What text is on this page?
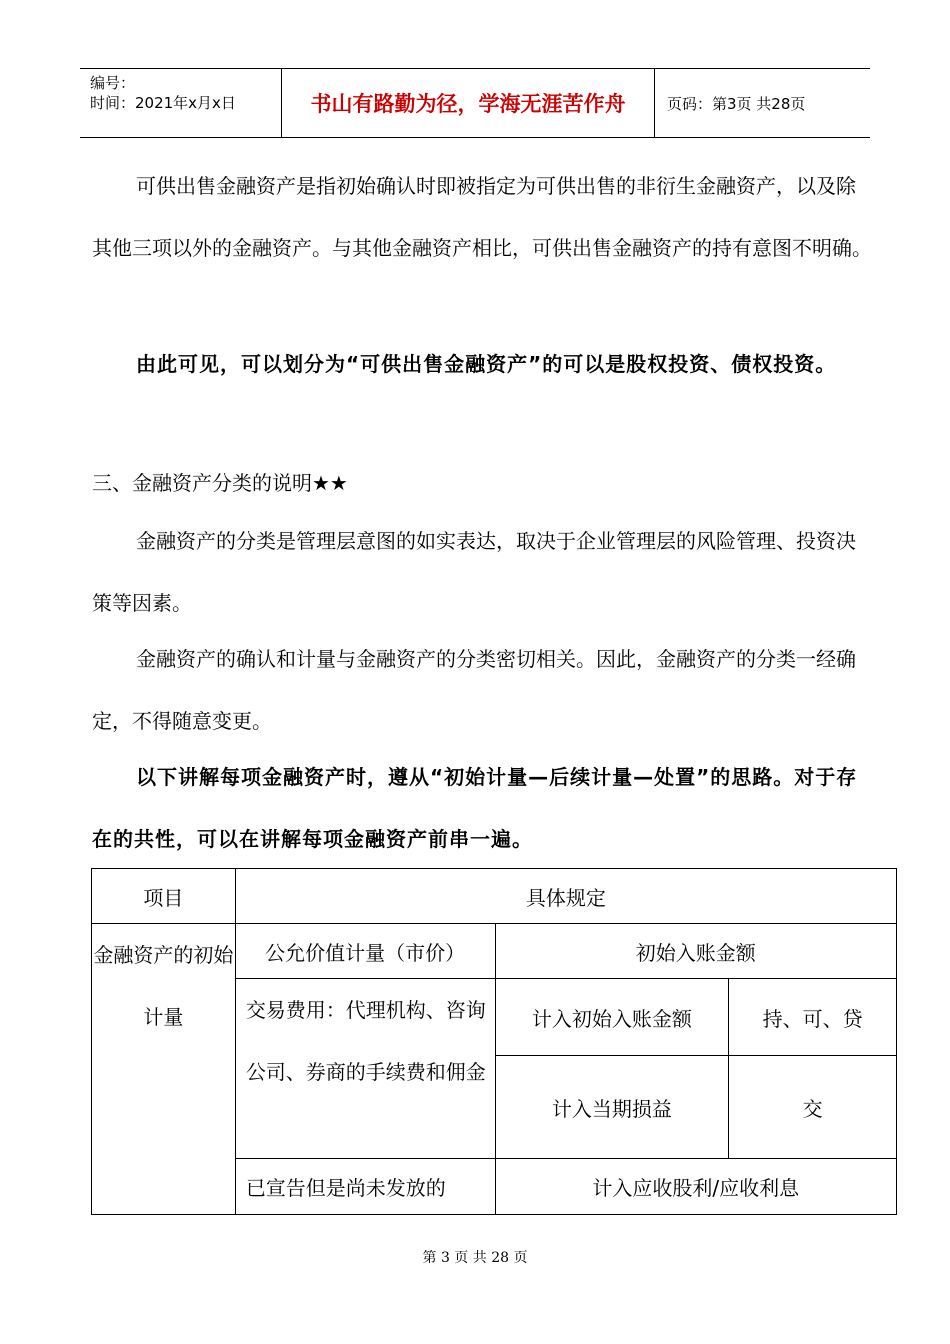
编号：
时间：2021年x月x日	书山有路勤为径，学海无涯苦作舟	页码：第3页 共28页
可供出售金融资产是指初始确认时即被指定为可供出售的非衍生金融资产，以及除其他三项以外的金融资产。与其他金融资产相比，可供出售金融资产的持有意图不明确。
由此可见，可以划分为“可供出售金融资产”的可以是股权投资、债权投资。
三、金融资产分类的说明★★
金融资产的分类是管理层意图的如实表达，取决于企业管理层的风险管理、投资决策等因素。
金融资产的确认和计量与金融资产的分类密切相关。因此，金融资产的分类一经确定，不得随意变更。
以下讲解每项金融资产时，遵从“初始计量—后续计量—处置”的思路。对于存在的共性，可以在讲解每项金融资产前串一遍。
项目	具体规定		
金融资产的初始计量	公允价值计量（市价）	初始入账金额	
	交易费用：代理机构、咨询公司、券商的手续费和佣金	计入初始入账金额	持、可、贷
		计入当期损益	交
	已宣告但是尚未发放的	计入应收股利/应收利息	
第 3 页 共 28 页
